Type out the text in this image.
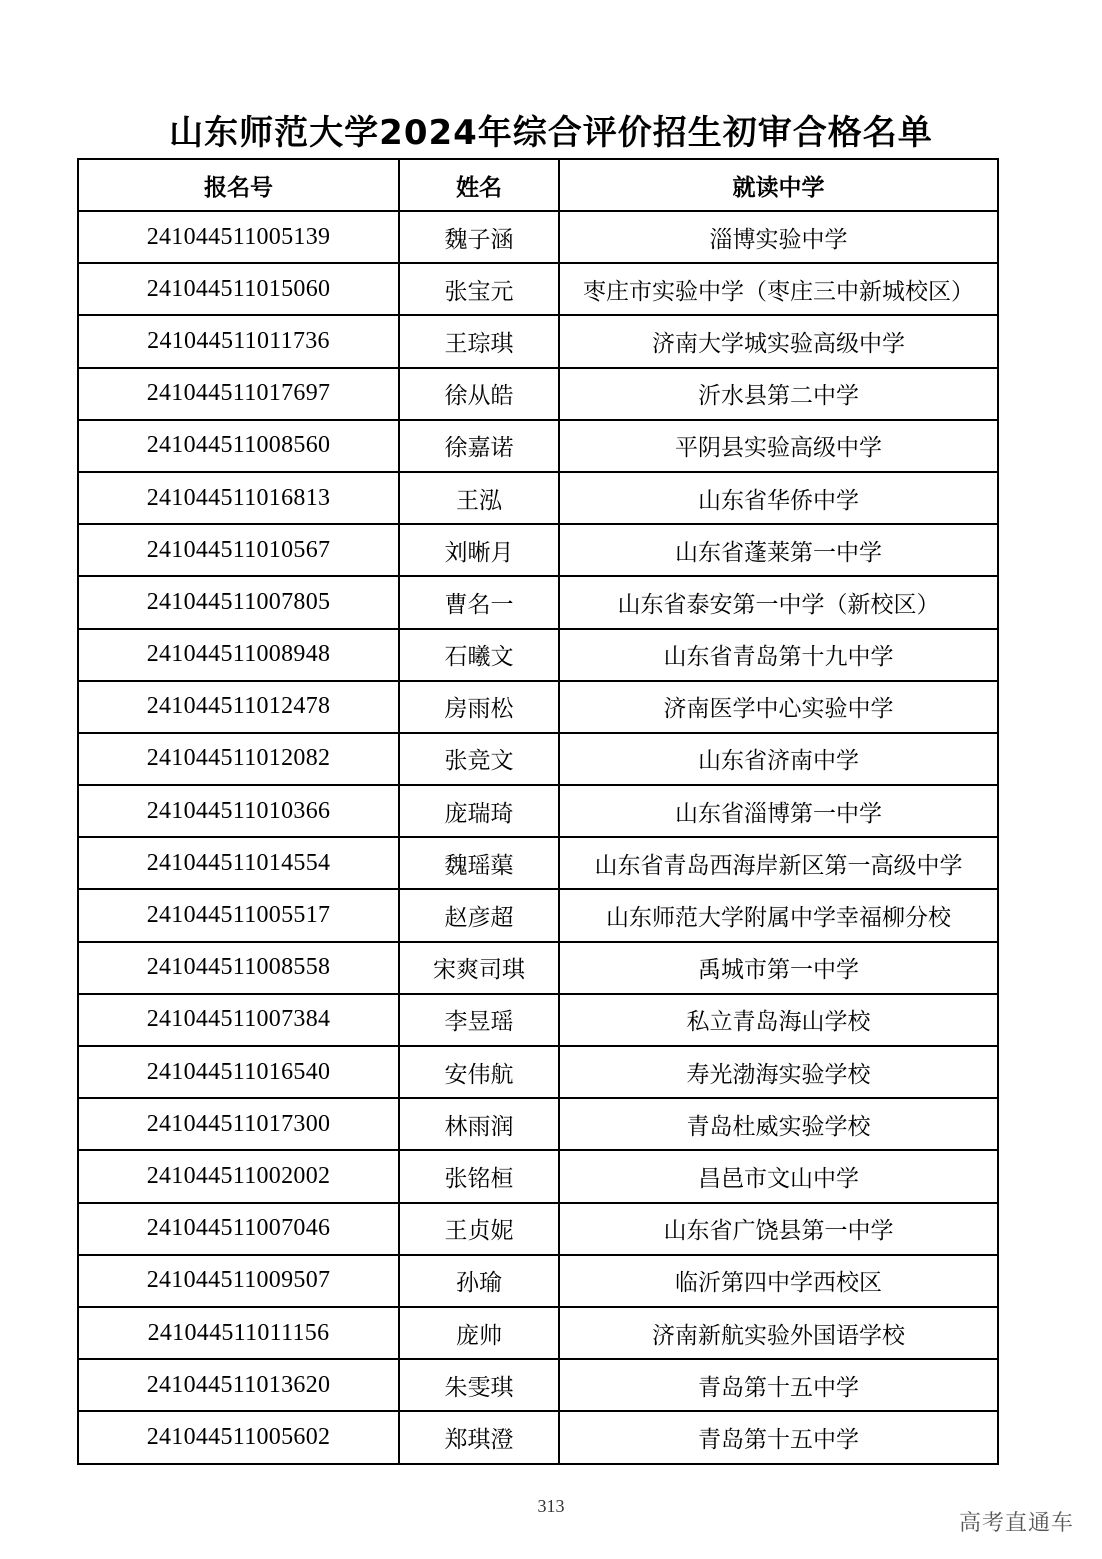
山东师范大学2024年综合评价招生初审合格名单
报名号	姓名	就读中学
241044511005139	魏子涵	淄博实验中学
241044511015060	张宝元	枣庄市实验中学（枣庄三中新城校区）
241044511011736	王琮琪	济南大学城实验高级中学
241044511017697	徐从皓	沂水县第二中学
241044511008560	徐嘉诺	平阴县实验高级中学
241044511016813	王泓	山东省华侨中学
241044511010567	刘晰月	山东省蓬莱第一中学
241044511007805	曹名一	山东省泰安第一中学（新校区）
241044511008948	石曦文	山东省青岛第十九中学
241044511012478	房雨松	济南医学中心实验中学
241044511012082	张竞文	山东省济南中学
241044511010366	庞瑞琦	山东省淄博第一中学
241044511014554	魏瑶蕖	山东省青岛西海岸新区第一高级中学
241044511005517	赵彦超	山东师范大学附属中学幸福柳分校
241044511008558	宋爽司琪	禹城市第一中学
241044511007384	李昱瑶	私立青岛海山学校
241044511016540	安伟航	寿光渤海实验学校
241044511017300	林雨润	青岛杜威实验学校
241044511002002	张铭桓	昌邑市文山中学
241044511007046	王贞妮	山东省广饶县第一中学
241044511009507	孙瑜	临沂第四中学西校区
241044511011156	庞帅	济南新航实验外国语学校
241044511013620	朱雯琪	青岛第十五中学
241044511005602	郑琪澄	青岛第十五中学
313
高考直通车
